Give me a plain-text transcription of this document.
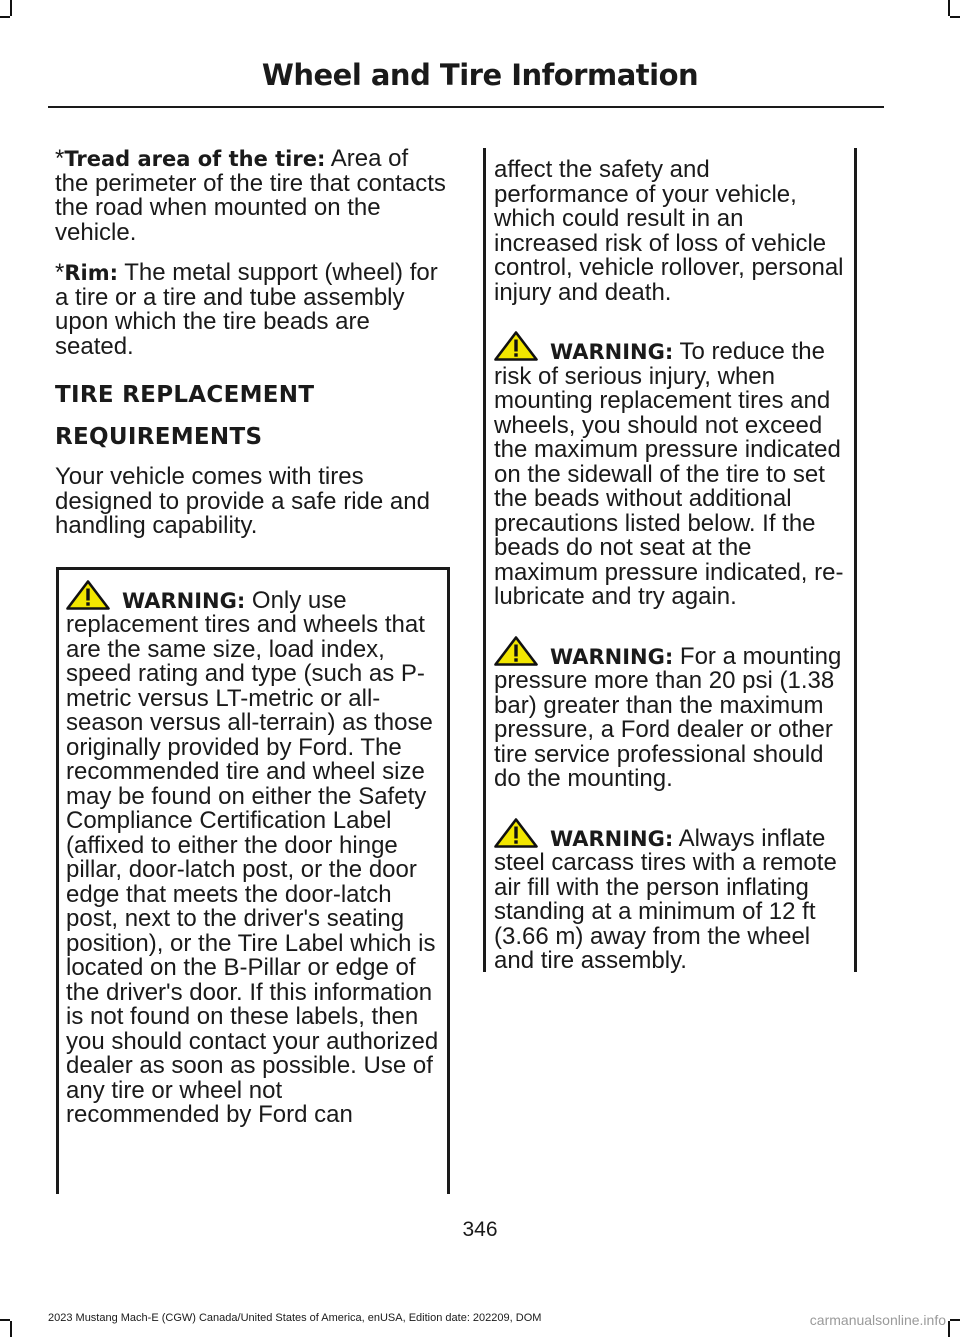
Wheel and Tire Information

*Tread area of the tire: Area of the perimeter of the tire that contacts the road when mounted on the vehicle.

*Rim: The metal support (wheel) for a tire or a tire and tube assembly upon which the tire beads are seated.

TIRE REPLACEMENT
REQUIREMENTS

Your vehicle comes with tires designed to provide a safe ride and handling capability.

WARNING: Only use replacement tires and wheels that are the same size, load index, speed rating and type (such as P-metric versus LT-metric or all-season versus all-terrain) as those originally provided by Ford. The recommended tire and wheel size may be found on either the Safety Compliance Certification Label (affixed to either the door hinge pillar, door-latch post, or the door edge that meets the door-latch post, next to the driver's seating position), or the Tire Label which is located on the B-Pillar or edge of the driver's door. If this information is not found on these labels, then you should contact your authorized dealer as soon as possible. Use of any tire or wheel not recommended by Ford can

affect the safety and performance of your vehicle, which could result in an increased risk of loss of vehicle control, vehicle rollover, personal injury and death.

WARNING: To reduce the risk of serious injury, when mounting replacement tires and wheels, you should not exceed the maximum pressure indicated on the sidewall of the tire to set the beads without additional precautions listed below. If the beads do not seat at the maximum pressure indicated, re-lubricate and try again.

WARNING: For a mounting pressure more than 20 psi (1.38 bar) greater than the maximum pressure, a Ford dealer or other tire service professional should do the mounting.

WARNING: Always inflate steel carcass tires with a remote air fill with the person inflating standing at a minimum of 12 ft (3.66 m) away from the wheel and tire assembly.

346
2023 Mustang Mach-E (CGW) Canada/United States of America, enUSA, Edition date: 202209, DOM	carmanualsonline.info
